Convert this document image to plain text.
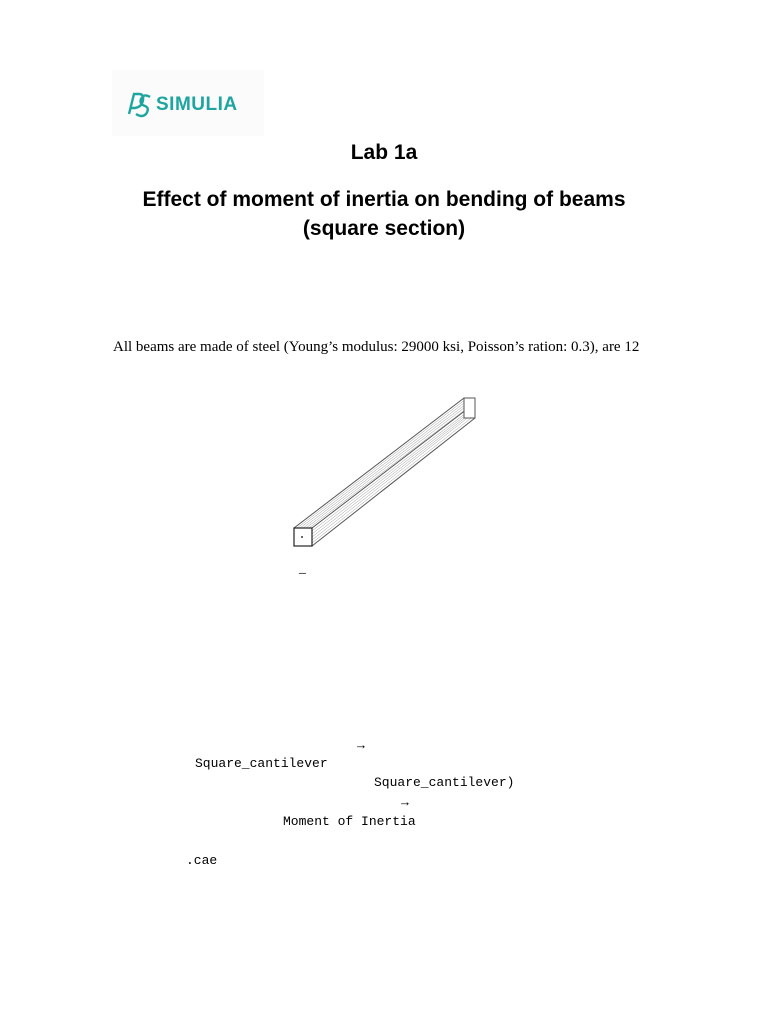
SIMULIA
Lab 1a
Effect of moment of inertia on bending of beams
(square section)
All beams are made of steel (Young’s modulus: 29000 ksi, Poisson’s ration: 0.3), are 12
_
→
Square_cantilever
Square_cantilever)
→
Moment of Inertia
.cae
